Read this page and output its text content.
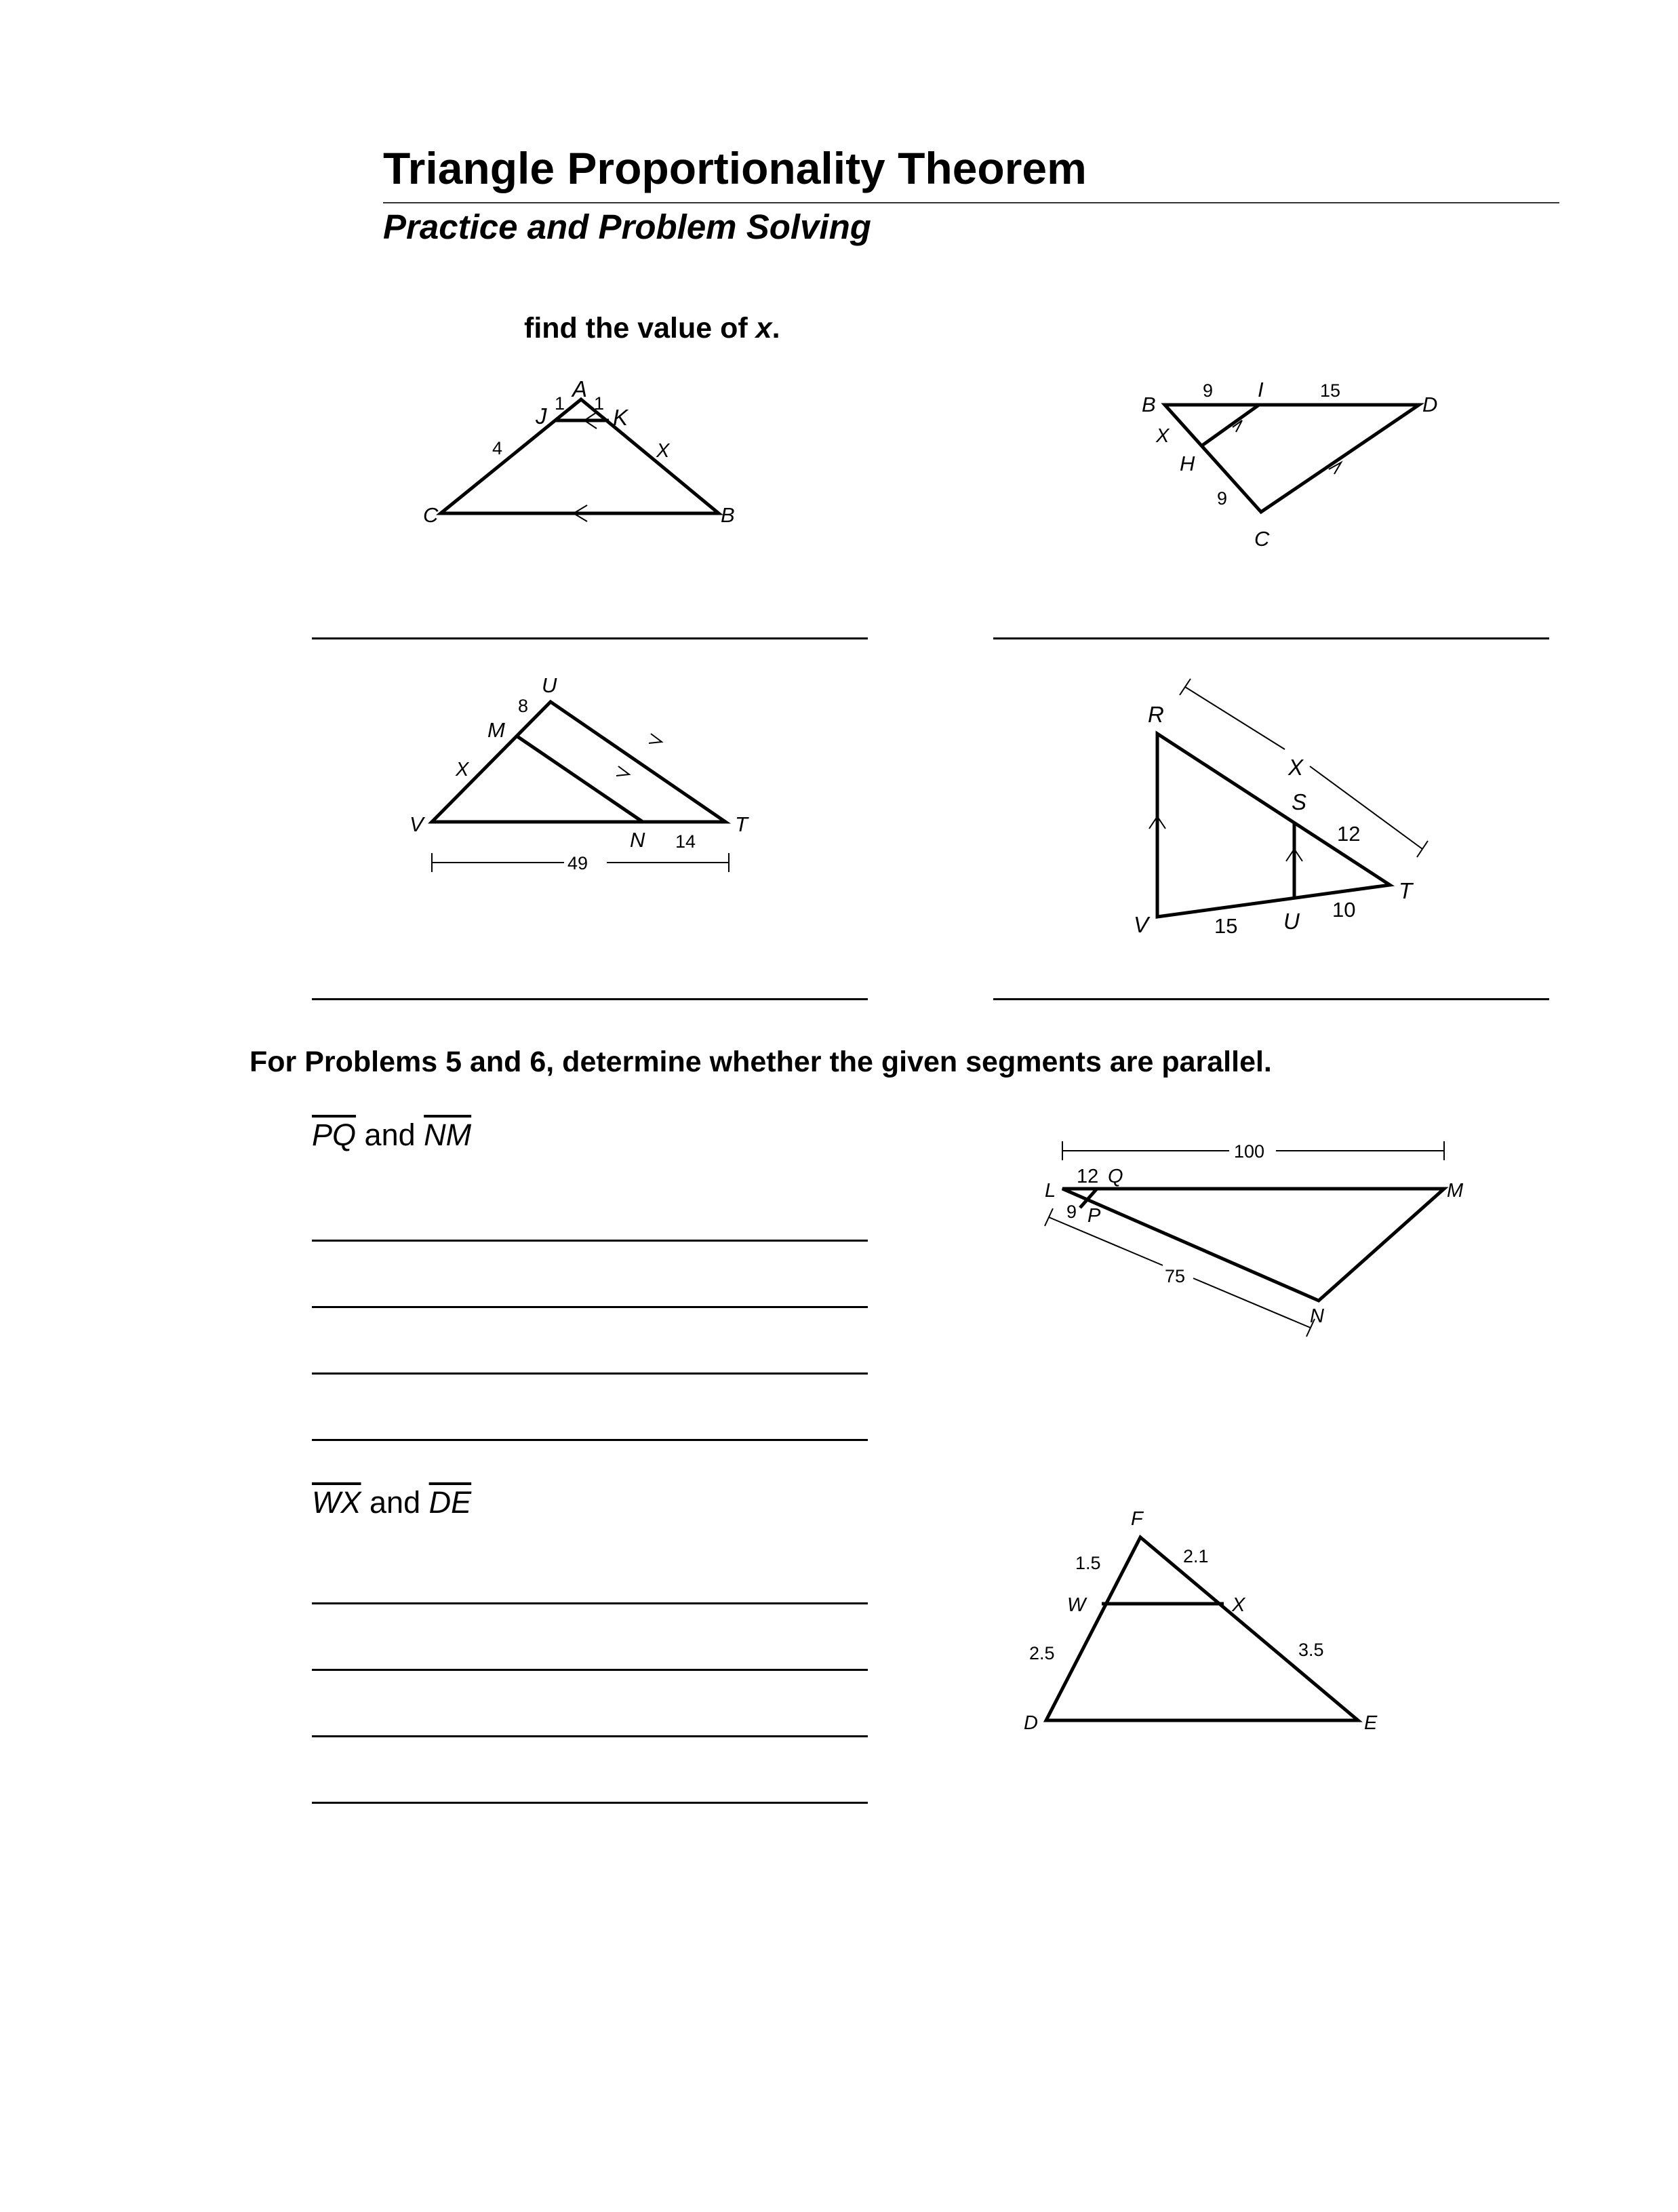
Triangle Proportionality Theorem
Practice and Problem Solving
find the value of x.
For Problems 5 and 6, determine whether the given segments are parallel.
$\overline{PQ}$ and $\overline{NM}$
$\overline{WX}$ and $\overline{DE}$
A
J	K
1 1
4	X
C	B
B
9 I	15
D
X
H
9
C
U
8
M
X
V
N 14
T
49
R
X
S
12
T
V	15 U 10
100
12 Q
L	M
9 P
75
N
F
1.5	2.1
W	X
2.5	3.5
D	E
